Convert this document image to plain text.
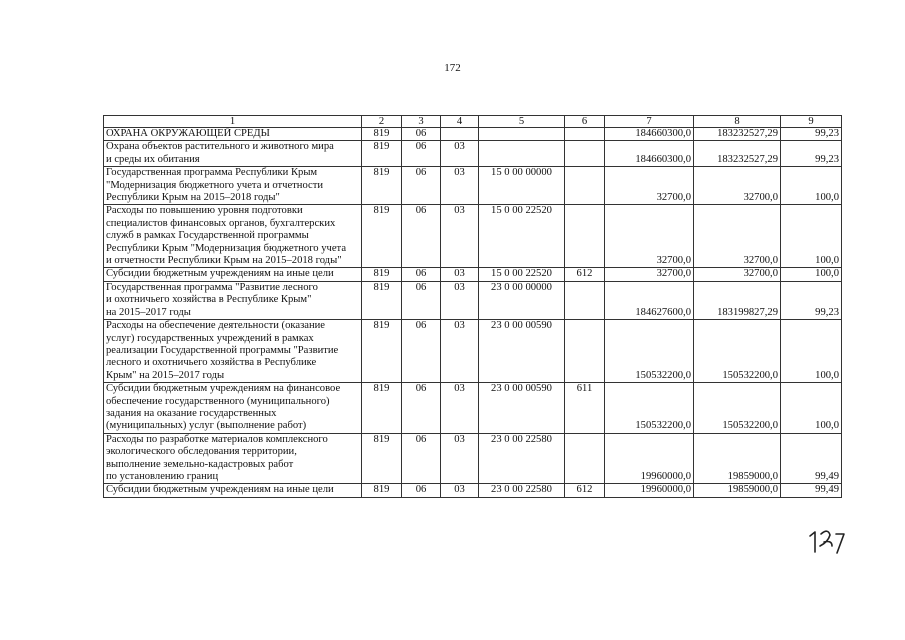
172
1	2	3	4	5	6	7	8	9

ОХРАНА ОКРУЖАЮЩЕЙ СРЕДЫ	819	06				184660300,0	183232527,29	99,23

Охрана объектов растительного и животного мира
и среды их обитания	819	06	03			184660300,0	183232527,29	99,23

Государственная программа Республики Крым
"Модернизация бюджетного учета и отчетности
Республики Крым на 2015–2018 годы"	819	06	03	15 0 00 00000		32700,0	32700,0	100,0

Расходы по повышению уровня подготовки
специалистов финансовых органов, бухгалтерских
служб в рамках Государственной программы
Республики Крым "Модернизация бюджетного учета
и отчетности Республики Крым на 2015–2018 годы"	819	06	03	15 0 00 22520		32700,0	32700,0	100,0

Субсидии бюджетным учреждениям на иные цели	819	06	03	15 0 00 22520	612	32700,0	32700,0	100,0

Государственная программа "Развитие лесного
и охотничьего хозяйства в Республике Крым"
на 2015–2017 годы	819	06	03	23 0 00 00000		184627600,0	183199827,29	99,23

Расходы на обеспечение деятельности (оказание
услуг) государственных учреждений в рамках
реализации Государственной программы "Развитие
лесного и охотничьего хозяйства в Республике
Крым" на 2015–2017 годы	819	06	03	23 0 00 00590		150532200,0	150532200,0	100,0

Субсидии бюджетным учреждениям на финансовое
обеспечение государственного (муниципального)
задания на оказание государственных
(муниципальных) услуг (выполнение работ)	819	06	03	23 0 00 00590	611	150532200,0	150532200,0	100,0

Расходы по разработке материалов комплексного
экологического обследования территории,
выполнение земельно-кадастровых работ
по установлению границ	819	06	03	23 0 00 22580		19960000,0	19859000,0	99,49

Субсидии бюджетным учреждениям на иные цели	819	06	03	23 0 00 22580	612	19960000,0	19859000,0	99,49
